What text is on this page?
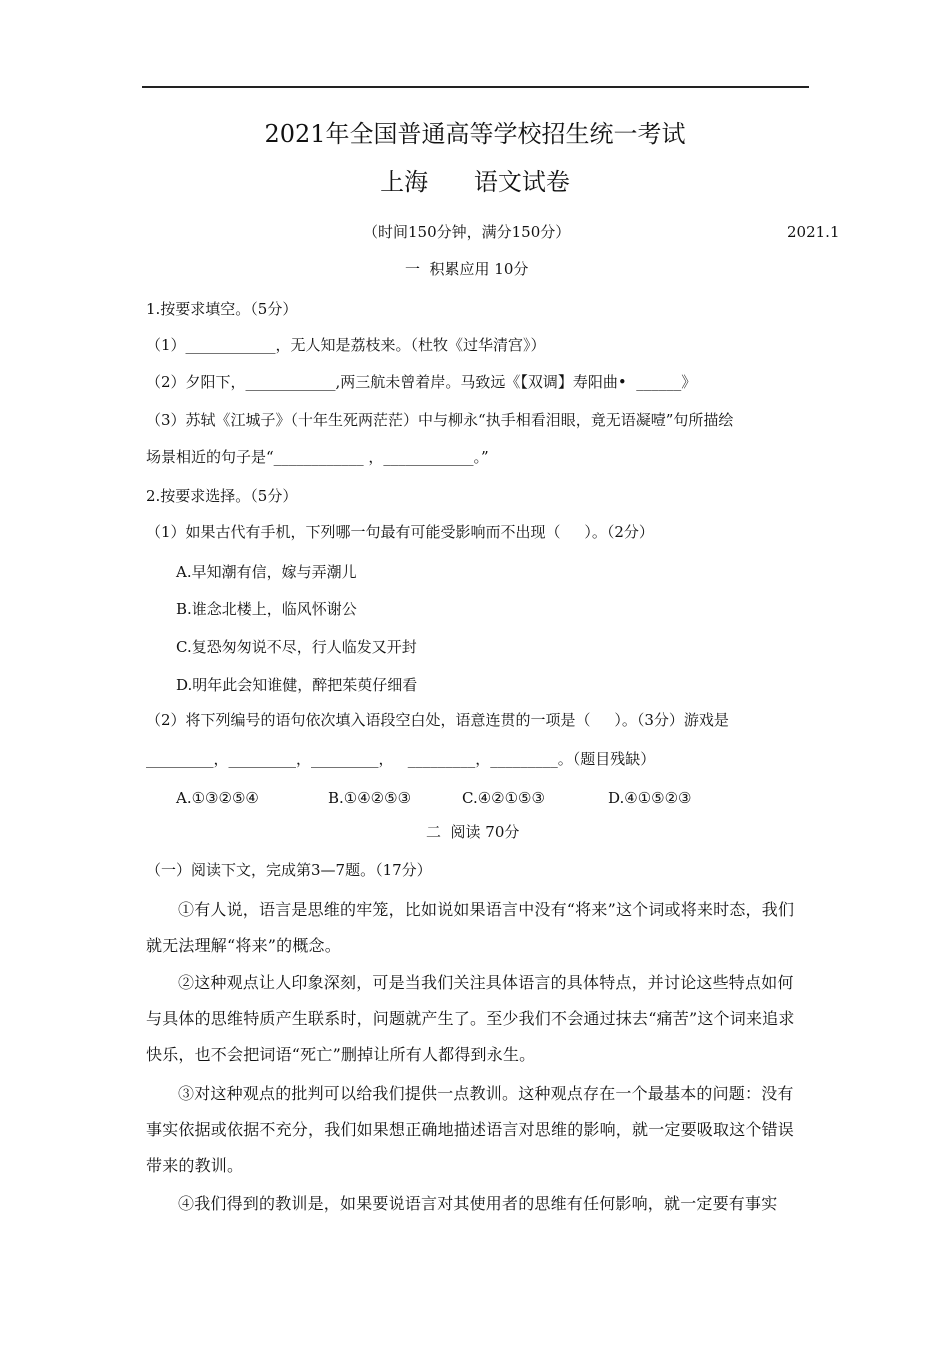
2021年全国普通高等学校招生统一考试
上海      语文试卷
（时间150分钟，满分150分）	2021.1
一  积累应用 10分
1.按要求填空。（5分）
（1）____________，无人知是荔枝来。（杜牧《过华清宫》）
（2）夕阳下，____________,两三航未曾着岸。马致远《【双调】寿阳曲•  ______》
（3）苏轼《江城子》（十年生死两茫茫）中与柳永“执手相看泪眼，竟无语凝噎”句所描绘
场景相近的句子是“____________ ，____________。”
2.按要求选择。（5分）
（1）如果古代有手机，下列哪一句最有可能受影响而不出现（     ）。（2分）
A.早知潮有信，嫁与弄潮儿
B.谁念北楼上，临风怀谢公
C.复恐匆匆说不尽，行人临发又开封
D.明年此会知谁健，醉把茱萸仔细看
（2）将下列编号的语句依次填入语段空白处，语意连贯的一项是（     ）。（3分）游戏是
_________，_________，_________，   _________，_________。（题目残缺）
A.①③②⑤④	B.①④②⑤③	C.④②①⑤③	D.④①⑤②③
二  阅读 70分
（一）阅读下文，完成第3—7题。（17分）
①有人说，语言是思维的牢笼，比如说如果语言中没有“将来”这个词或将来时态，我们就无法理解“将来”的概念。
②这种观点让人印象深刻，可是当我们关注具体语言的具体特点，并讨论这些特点如何与具体的思维特质产生联系时，问题就产生了。至少我们不会通过抹去“痛苦”这个词来追求快乐，也不会把词语“死亡”删掉让所有人都得到永生。
③对这种观点的批判可以给我们提供一点教训。这种观点存在一个最基本的问题：没有事实依据或依据不充分，我们如果想正确地描述语言对思维的影响，就一定要吸取这个错误带来的教训。
④我们得到的教训是，如果要说语言对其使用者的思维有任何影响，就一定要有事实
